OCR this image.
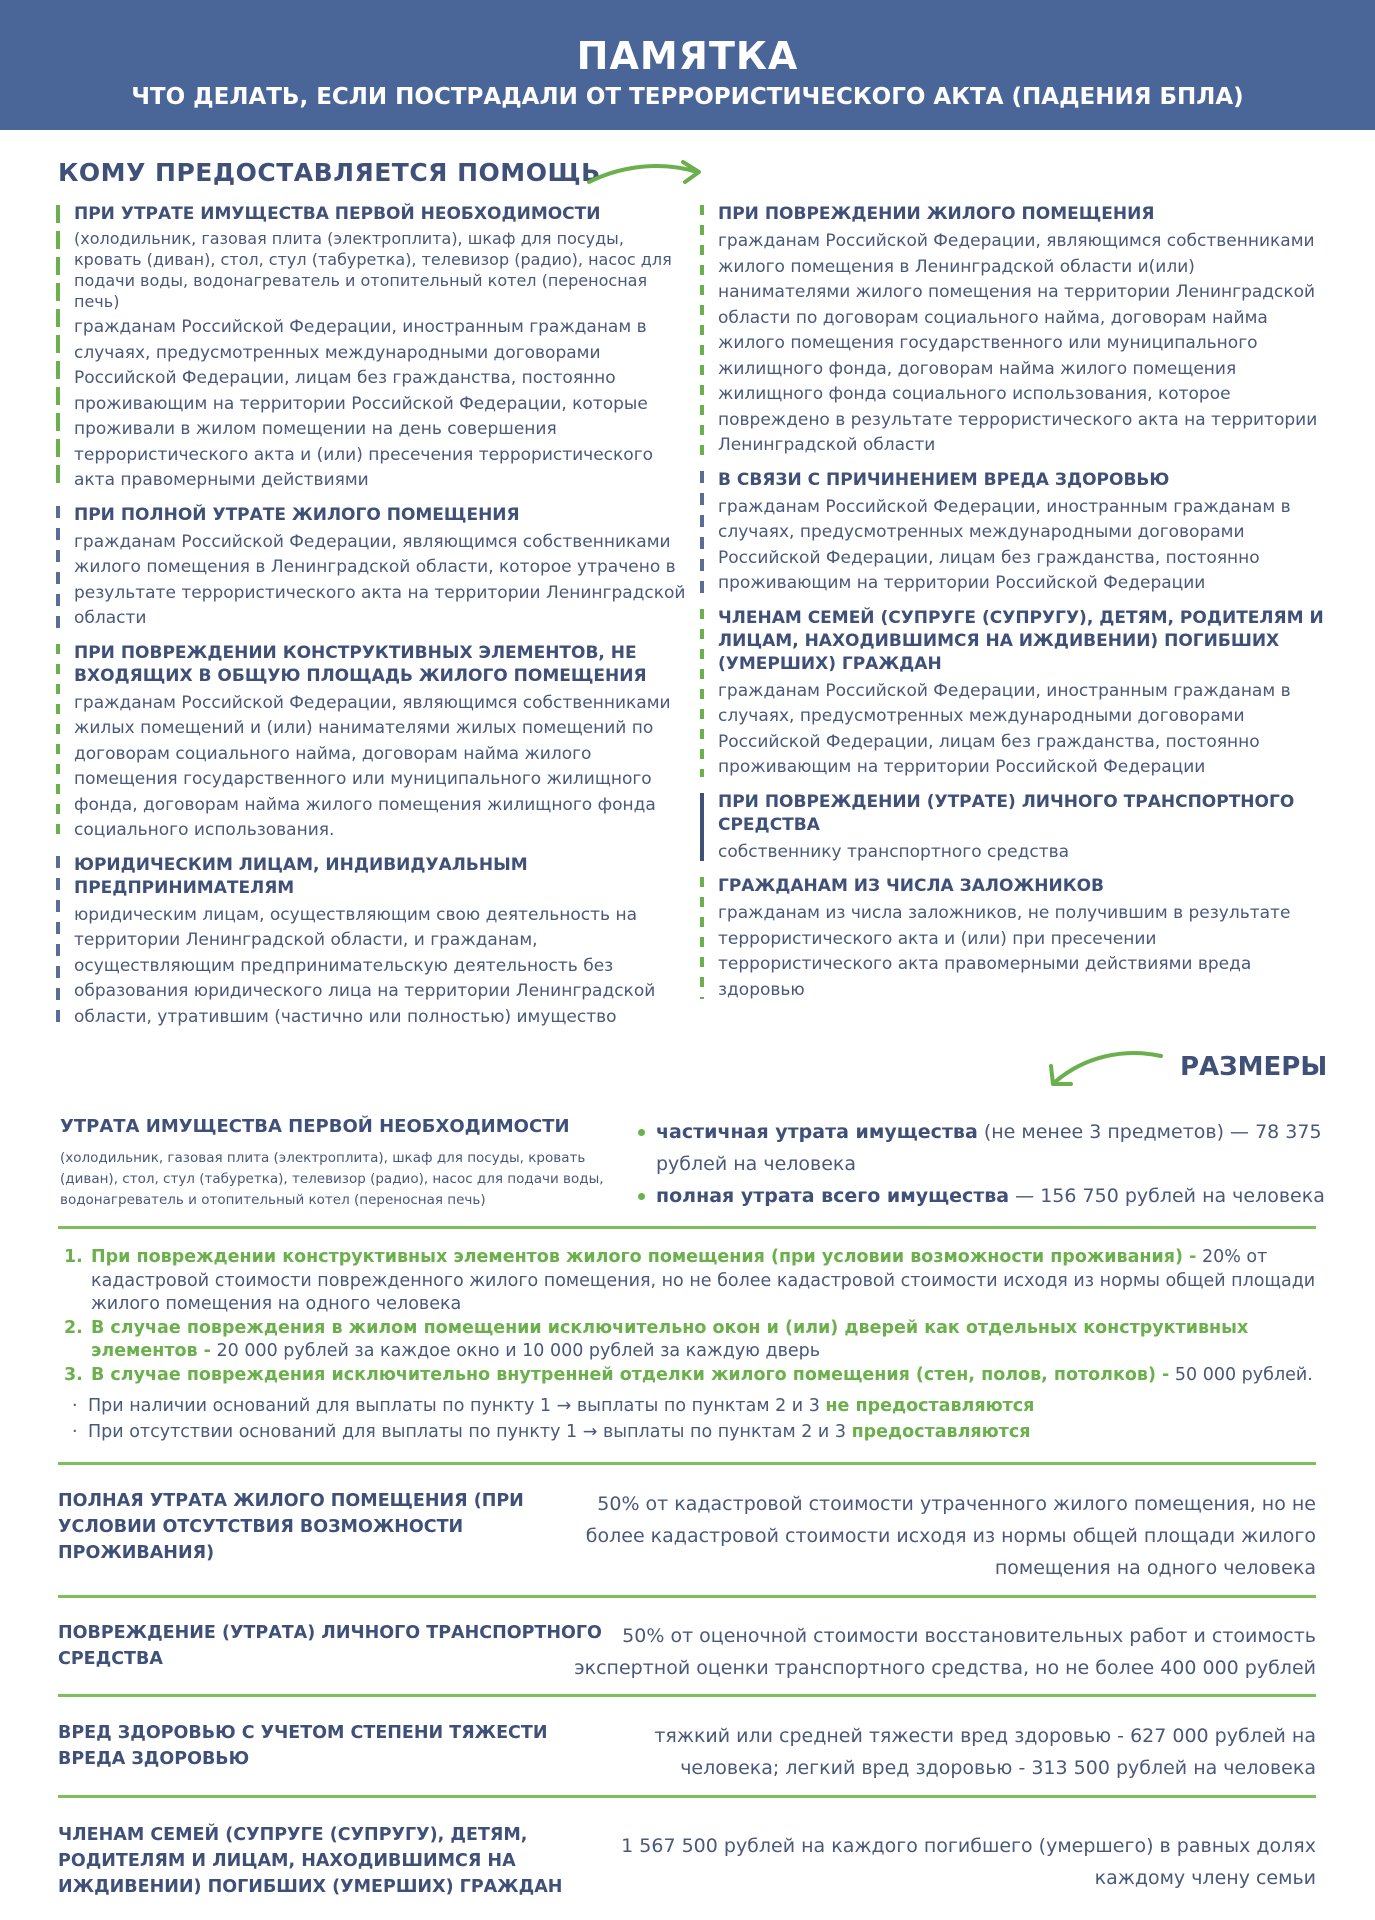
ПАМЯТКА
ЧТО ДЕЛАТЬ, ЕСЛИ ПОСТРАДАЛИ ОТ ТЕРРОРИСТИЧЕСКОГО АКТА (ПАДЕНИЯ БПЛА)
КОМУ ПРЕДОСТАВЛЯЕТСЯ ПОМОЩЬ
ПРИ УТРАТЕ ИМУЩЕСТВА ПЕРВОЙ НЕОБХОДИМОСТИ
(холодильник, газовая плита (электроплита), шкаф для посуды, кровать (диван), стол, стул (табуретка), телевизор (радио), насос для подачи воды, водонагреватель и отопительный котел (переносная печь)
гражданам Российской Федерации, иностранным гражданам в случаях, предусмотренных международными договорами Российской Федерации, лицам без гражданства, постоянно проживающим на территории Российской Федерации, которые проживали в жилом помещении на день совершения террористического акта и (или) пресечения террористического акта правомерными действиями
ПРИ ПОЛНОЙ УТРАТЕ ЖИЛОГО ПОМЕЩЕНИЯ
гражданам Российской Федерации, являющимся собственниками жилого помещения в Ленинградской области, которое утрачено в результате террористического акта на территории Ленинградской области
ПРИ ПОВРЕЖДЕНИИ КОНСТРУКТИВНЫХ ЭЛЕМЕНТОВ, НЕ ВХОДЯЩИХ В ОБЩУЮ ПЛОЩАДЬ ЖИЛОГО ПОМЕЩЕНИЯ
гражданам Российской Федерации, являющимся собственниками жилых помещений и (или) нанимателями жилых помещений по договорам социального найма, договорам найма жилого помещения государственного или муниципального жилищного фонда, договорам найма жилого помещения жилищного фонда социального использования.
ЮРИДИЧЕСКИМ ЛИЦАМ, ИНДИВИДУАЛЬНЫМ ПРЕДПРИНИМАТЕЛЯМ
юридическим лицам, осуществляющим свою деятельность на территории Ленинградской области, и гражданам, осуществляющим предпринимательскую деятельность без образования юридического лица на территории Ленинградской области, утратившим (частично или полностью) имущество
ПРИ ПОВРЕЖДЕНИИ ЖИЛОГО ПОМЕЩЕНИЯ
гражданам Российской Федерации, являющимся собственниками жилого помещения в Ленинградской области и(или) нанимателями жилого помещения на территории Ленинградской области по договорам социального найма, договорам найма жилого помещения государственного или муниципального жилищного фонда, договорам найма жилого помещения жилищного фонда социального использования, которое повреждено в результате террористического акта на территории Ленинградской области
В СВЯЗИ С ПРИЧИНЕНИЕМ ВРЕДА ЗДОРОВЬЮ
гражданам Российской Федерации, иностранным гражданам в случаях, предусмотренных международными договорами Российской Федерации, лицам без гражданства, постоянно проживающим на территории Российской Федерации
ЧЛЕНАМ СЕМЕЙ (СУПРУГЕ (СУПРУГУ), ДЕТЯМ, РОДИТЕЛЯМ И ЛИЦАМ, НАХОДИВШИМСЯ НА ИЖДИВЕНИИ) ПОГИБШИХ (УМЕРШИХ) ГРАЖДАН
гражданам Российской Федерации, иностранным гражданам в случаях, предусмотренных международными договорами Российской Федерации, лицам без гражданства, постоянно проживающим на территории Российской Федерации
ПРИ ПОВРЕЖДЕНИИ (УТРАТЕ) ЛИЧНОГО ТРАНСПОРТНОГО СРЕДСТВА
собственнику транспортного средства
ГРАЖДАНАМ ИЗ ЧИСЛА ЗАЛОЖНИКОВ
гражданам из числа заложников, не получившим в результате террористического акта и (или) при пресечении террористического акта правомерными действиями вреда здоровью
РАЗМЕРЫ
УТРАТА ИМУЩЕСТВА ПЕРВОЙ НЕОБХОДИМОСТИ
(холодильник, газовая плита (электроплита), шкаф для посуды, кровать (диван), стол, стул (табуретка), телевизор (радио), насос для подачи воды, водонагреватель и отопительный котел (переносная печь)
частичная утрата имущества (не менее 3 предметов) — 78 375 рублей на человека
полная утрата всего имущества — 156 750 рублей на человека
1. При повреждении конструктивных элементов жилого помещения (при условии возможности проживания) - 20% от кадастровой стоимости поврежденного жилого помещения, но не более кадастровой стоимости исходя из нормы общей площади жилого помещения на одного человека
2. В случае повреждения в жилом помещении исключительно окон и (или) дверей как отдельных конструктивных элементов - 20 000 рублей за каждое окно и 10 000 рублей за каждую дверь
3. В случае повреждения исключительно внутренней отделки жилого помещения (стен, полов, потолков) - 50 000 рублей.
· При наличии оснований для выплаты по пункту 1 → выплаты по пунктам 2 и 3 не предоставляются
· При отсутствии оснований для выплаты по пункту 1 → выплаты по пунктам 2 и 3 предоставляются
ПОЛНАЯ УТРАТА ЖИЛОГО ПОМЕЩЕНИЯ (ПРИ УСЛОВИИ ОТСУТСТВИЯ ВОЗМОЖНОСТИ ПРОЖИВАНИЯ)
50% от кадастровой стоимости утраченного жилого помещения, но не более кадастровой стоимости исходя из нормы общей площади жилого помещения на одного человека
ПОВРЕЖДЕНИЕ (УТРАТА) ЛИЧНОГО ТРАНСПОРТНОГО СРЕДСТВА
50% от оценочной стоимости восстановительных работ и стоимость экспертной оценки транспортного средства, но не более 400 000 рублей
ВРЕД ЗДОРОВЬЮ С УЧЕТОМ СТЕПЕНИ ТЯЖЕСТИ ВРЕДА ЗДОРОВЬЮ
тяжкий или средней тяжести вред здоровью - 627 000 рублей на человека; легкий вред здоровью - 313 500 рублей на человека
ЧЛЕНАМ СЕМЕЙ (СУПРУГЕ (СУПРУГУ), ДЕТЯМ, РОДИТЕЛЯМ И ЛИЦАМ, НАХОДИВШИМСЯ НА ИЖДИВЕНИИ) ПОГИБШИХ (УМЕРШИХ) ГРАЖДАН
1 567 500 рублей на каждого погибшего (умершего) в равных долях каждому члену семьи
